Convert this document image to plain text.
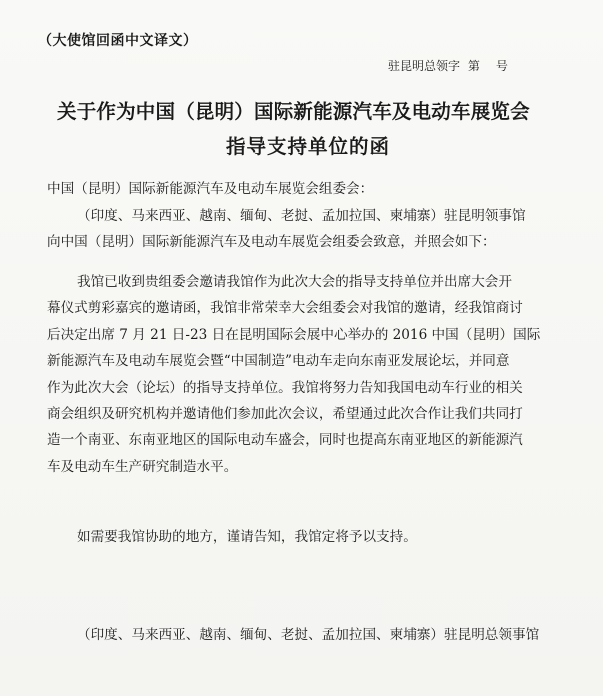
（大使馆回函中文译文）

驻昆明总领字 第 号

关于作为中国（昆明）国际新能源汽车及电动车展览会
指导支持单位的函

中国（昆明）国际新能源汽车及电动车展览会组委会：

（印度、马来西亚、越南、缅甸、老挝、孟加拉国、柬埔寨）驻昆明领事馆
向中国（昆明）国际新能源汽车及电动车展览会组委会致意，并照会如下：
我馆已收到贵组委会邀请我馆作为此次大会的指导支持单位并出席大会开
幕仪式剪彩嘉宾的邀请函，我馆非常荣幸大会组委会对我馆的邀请，经我馆商讨
后决定出席 7 月 21 日-23 日在昆明国际会展中心举办的 2016 中国（昆明）国际
新能源汽车及电动车展览会暨“中国制造”电动车走向东南亚发展论坛，并同意
作为此次大会（论坛）的指导支持单位。我馆将努力告知我国电动车行业的相关
商会组织及研究机构并邀请他们参加此次会议，希望通过此次合作让我们共同打
造一个南亚、东南亚地区的国际电动车盛会，同时也提高东南亚地区的新能源汽
车及电动车生产研究制造水平。

如需要我馆协助的地方，谨请告知，我馆定将予以支持。

（印度、马来西亚、越南、缅甸、老挝、孟加拉国、柬埔寨）驻昆明总领事馆
